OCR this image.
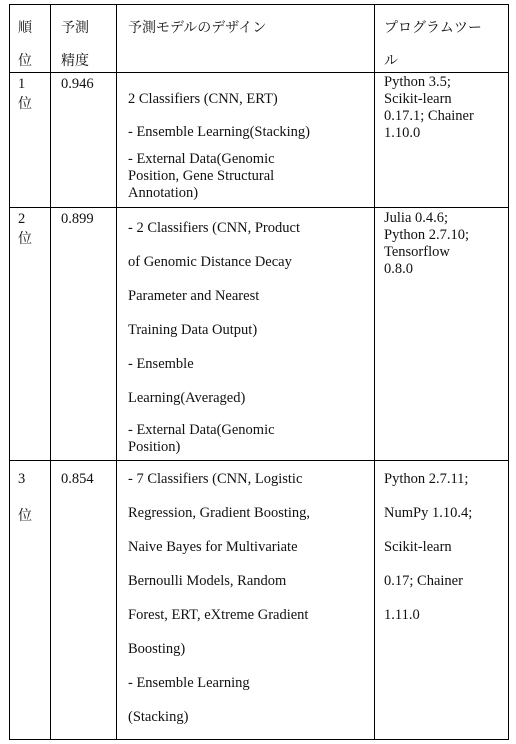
順
位
予測
精度
予測モデルのデザイン	プログラムツー
ル
1
位
0.946
2 Classifiers (CNN, ERT)
- Ensemble Learning(Stacking)
- External Data(Genomic
Position, Gene Structural
Annotation)
Python 3.5;
Scikit-learn
0.17.1; Chainer
1.10.0
2
位
0.899
- 2 Classifiers (CNN, Product
of Genomic Distance Decay
Parameter and Nearest
Training Data Output)
- Ensemble
Learning(Averaged)
- External Data(Genomic
Position)
Julia 0.4.6;
Python 2.7.10;
Tensorflow
0.8.0
3
位
0.854 - 7 Classifiers (CNN, Logistic
Regression, Gradient Boosting,
Naive Bayes for Multivariate
Bernoulli Models, Random
Forest, ERT, eXtreme Gradient
Boosting)
- Ensemble Learning
(Stacking)
Python 2.7.11;
NumPy 1.10.4;
Scikit-learn
0.17; Chainer
1.11.0
